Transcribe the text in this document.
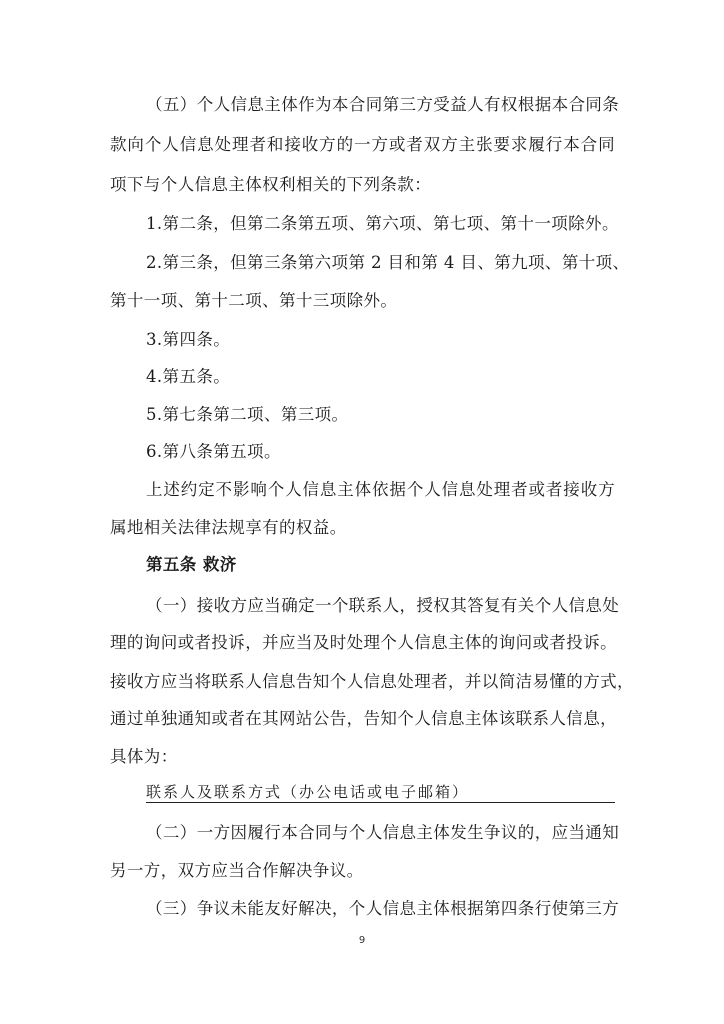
（五）个人信息主体作为本合同第三方受益人有权根据本合同条
款向个人信息处理者和接收方的一方或者双方主张要求履行本合同
项下与个人信息主体权利相关的下列条款：
1.第二条，但第二条第五项、第六项、第七项、第十一项除外。
2.第三条，但第三条第六项第 2 目和第 4 目、第九项、第十项、
第十一项、第十二项、第十三项除外。
3.第四条。
4.第五条。
5.第七条第二项、第三项。
6.第八条第五项。
上述约定不影响个人信息主体依据个人信息处理者或者接收方
属地相关法律法规享有的权益。
第五条 救济
（一）接收方应当确定一个联系人，授权其答复有关个人信息处
理的询问或者投诉，并应当及时处理个人信息主体的询问或者投诉。
接收方应当将联系人信息告知个人信息处理者，并以简洁易懂的方式，
通过单独通知或者在其网站公告，告知个人信息主体该联系人信息，
具体为：
联系人及联系方式（办公电话或电子邮箱）
（二）一方因履行本合同与个人信息主体发生争议的，应当通知
另一方，双方应当合作解决争议。
（三）争议未能友好解决，个人信息主体根据第四条行使第三方
9
